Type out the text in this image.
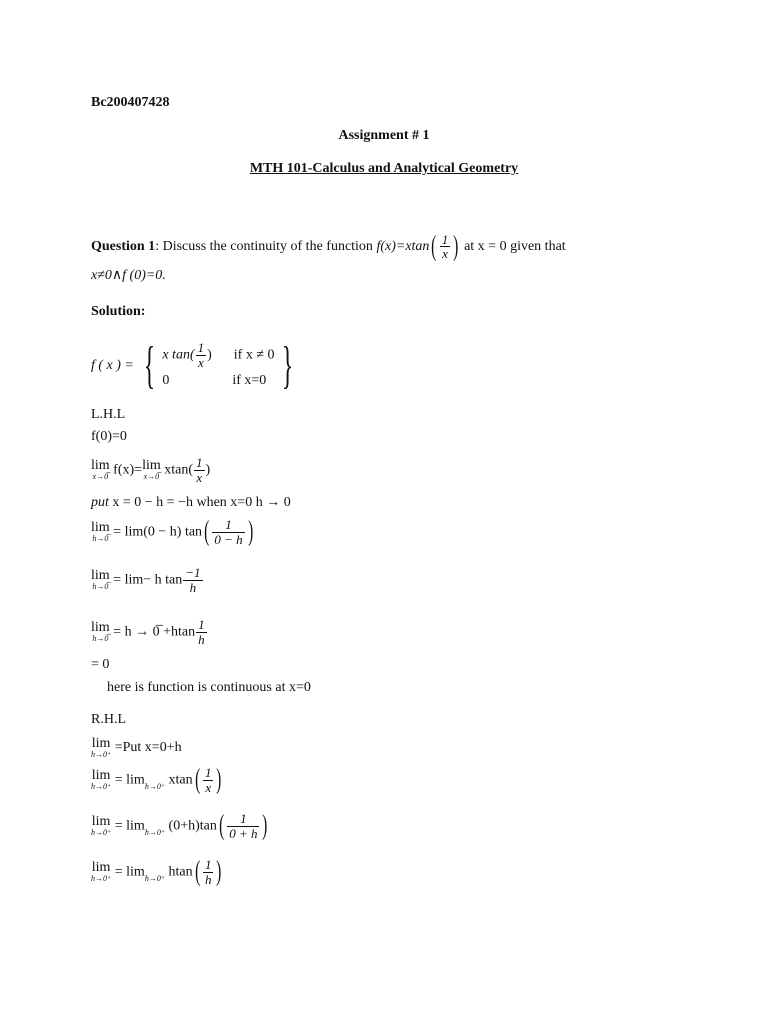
Bc200407428
Assignment # 1
MTH 101-Calculus and Analytical Geometry
Question 1: Discuss the continuity of the function $f(x)=xtan( \frac{1}{x}$ ) at x = 0 given that
x≠0∧f (0)=0.
Solution:
f ( x ) = { x $\tan( \frac{1}{x}$ ) if x ≠ 0
0	if x=0 }
L.H.L
f(0)=0
lim
x→0̅ f(x)= lim
x→0̅ $xtan( \frac{1}{x}$ )
put x = 0 − h = −h when x=0 h → 0
lim
h→0̅ = lim(0 − h) $\tan( \frac{1}{0 - h}$ )
lim
h→0̅ = lim− h $\tan \frac{-1}{h}$
lim
h→0̅ = h → 0̅ $+htan \frac{1}{h}$
= 0
here is function is continuous at x=0
R.H.L
lim
h→0⁺ =Put x=0+h
lim
h→0⁺ = lim h→0⁺ $xtan( \frac{1}{x}$ )
lim
h→0⁺ = lim h→0⁺ $(0+h)\tan( \frac{1}{0 + h}$ )
lim
h→0⁺ = lim h→0⁺ $htan( \frac{1}{h}$ )
